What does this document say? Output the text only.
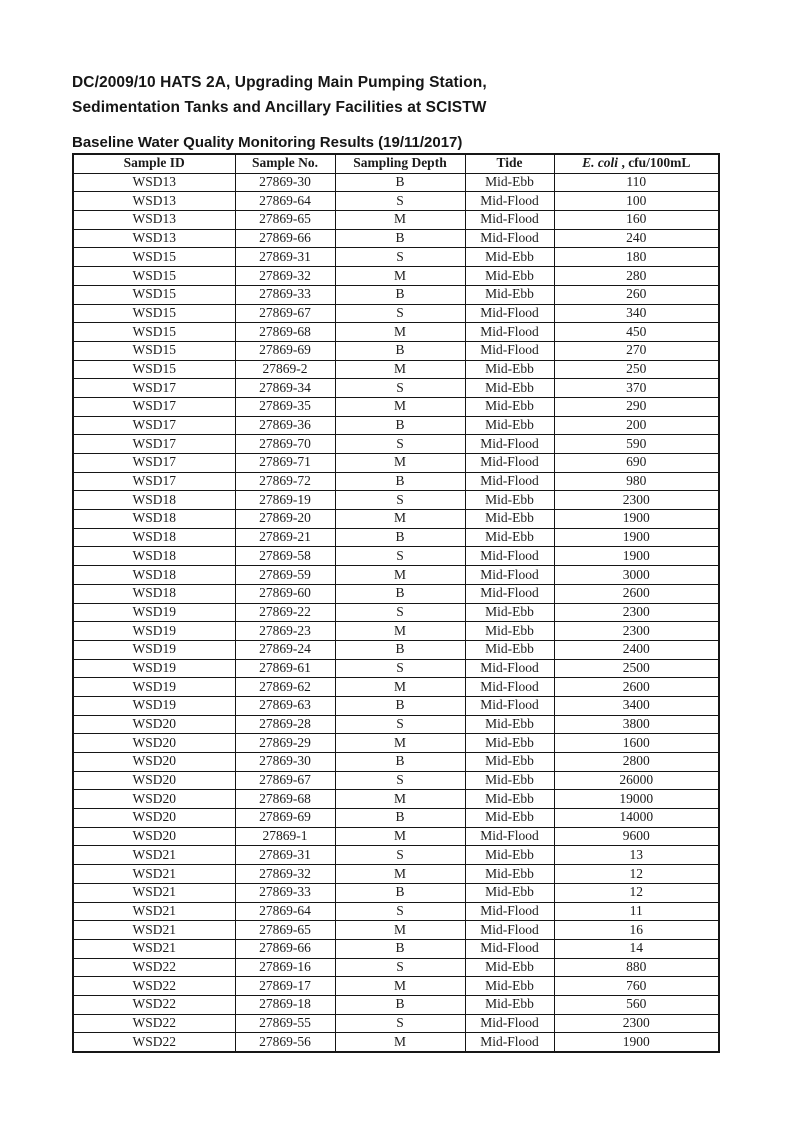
DC/2009/10 HATS 2A, Upgrading Main Pumping Station,
Sedimentation Tanks and Ancillary Facilities at SCISTW
Baseline Water Quality Monitoring Results (19/11/2017)
Sample ID	Sample No.	Sampling Depth	Tide	E. coli , cfu/100mL
WSD13	27869-30	B	Mid-Ebb	110
WSD13	27869-64	S	Mid-Flood	100
WSD13	27869-65	M	Mid-Flood	160
WSD13	27869-66	B	Mid-Flood	240
WSD15	27869-31	S	Mid-Ebb	180
WSD15	27869-32	M	Mid-Ebb	280
WSD15	27869-33	B	Mid-Ebb	260
WSD15	27869-67	S	Mid-Flood	340
WSD15	27869-68	M	Mid-Flood	450
WSD15	27869-69	B	Mid-Flood	270
WSD15	27869-2	M	Mid-Ebb	250
WSD17	27869-34	S	Mid-Ebb	370
WSD17	27869-35	M	Mid-Ebb	290
WSD17	27869-36	B	Mid-Ebb	200
WSD17	27869-70	S	Mid-Flood	590
WSD17	27869-71	M	Mid-Flood	690
WSD17	27869-72	B	Mid-Flood	980
WSD18	27869-19	S	Mid-Ebb	2300
WSD18	27869-20	M	Mid-Ebb	1900
WSD18	27869-21	B	Mid-Ebb	1900
WSD18	27869-58	S	Mid-Flood	1900
WSD18	27869-59	M	Mid-Flood	3000
WSD18	27869-60	B	Mid-Flood	2600
WSD19	27869-22	S	Mid-Ebb	2300
WSD19	27869-23	M	Mid-Ebb	2300
WSD19	27869-24	B	Mid-Ebb	2400
WSD19	27869-61	S	Mid-Flood	2500
WSD19	27869-62	M	Mid-Flood	2600
WSD19	27869-63	B	Mid-Flood	3400
WSD20	27869-28	S	Mid-Ebb	3800
WSD20	27869-29	M	Mid-Ebb	1600
WSD20	27869-30	B	Mid-Ebb	2800
WSD20	27869-67	S	Mid-Ebb	26000
WSD20	27869-68	M	Mid-Ebb	19000
WSD20	27869-69	B	Mid-Ebb	14000
WSD20	27869-1	M	Mid-Flood	9600
WSD21	27869-31	S	Mid-Ebb	13
WSD21	27869-32	M	Mid-Ebb	12
WSD21	27869-33	B	Mid-Ebb	12
WSD21	27869-64	S	Mid-Flood	11
WSD21	27869-65	M	Mid-Flood	16
WSD21	27869-66	B	Mid-Flood	14
WSD22	27869-16	S	Mid-Ebb	880
WSD22	27869-17	M	Mid-Ebb	760
WSD22	27869-18	B	Mid-Ebb	560
WSD22	27869-55	S	Mid-Flood	2300
WSD22	27869-56	M	Mid-Flood	1900
